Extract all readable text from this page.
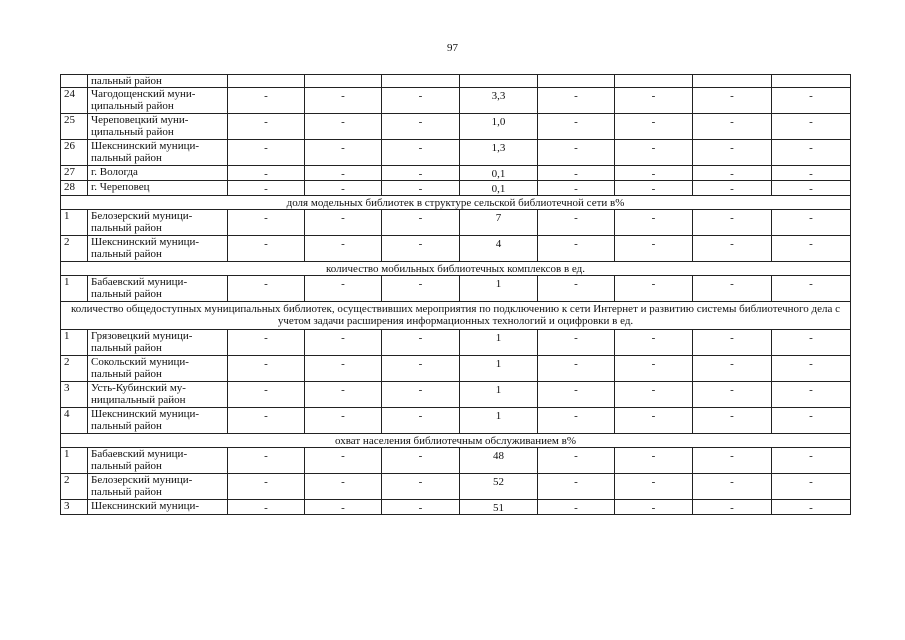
97

	пальный район								

24	Чагодощенский муни-
ципальный район	-	-	-	3,3	-	-	-	-
25	Череповецкий муни-
ципальный район	-	-	-	1,0	-	-	-	-
26	Шекснинский муници-
пальный район	-	-	-	1,3	-	-	-	-
27	г. Вологда	-	-	-	0,1	-	-	-	-
28	г. Череповец	-	-	-	0,1	-	-	-	-
доля модельных библиотек в структуре сельской библиотечной сети в%									
1	Белозерский муници-
пальный район	-	-	-	7	-	-	-	-
2	Шекснинский муници-
пальный район	-	-	-	4	-	-	-	-
количество мобильных библиотечных комплексов в ед.									
1	Бабаевский муници-
пальный район	-	-	-	1	-	-	-	-
количество общедоступных муниципальных библиотек, осуществивших мероприятия по подключению к сети Интернет и развитию системы библиотечного дела с учетом задачи расширения информационных технологий и оцифровки в ед.									
1	Грязовецкий муници-
пальный район	-	-	-	1	-	-	-	-
2	Сокольский муници-
пальный район	-	-	-	1	-	-	-	-
3	Усть-Кубинский му-
ниципальный район	-	-	-	1	-	-	-	-
4	Шекснинский муници-
пальный район	-	-	-	1	-	-	-	-
охват населения библиотечным обслуживанием в%									
1	Бабаевский муници-
пальный район	-	-	-	48	-	-	-	-
2	Белозерский муници-
пальный район	-	-	-	52	-	-	-	-
3	Шекснинский муници-	-	-	-	51	-	-	-	-
